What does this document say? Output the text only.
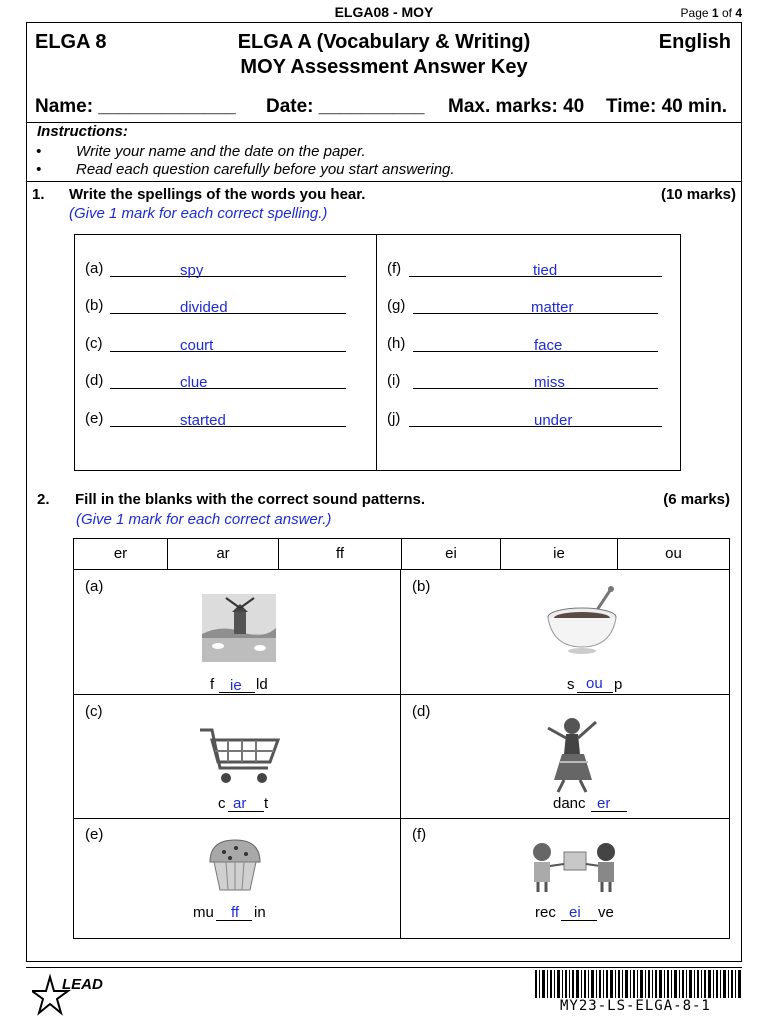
ELGA08 - MOY	Page 1 of 4
ELGA 8	ELGA A (Vocabulary & Writing)
MOY Assessment Answer Key
English
Name: _____________ Date: __________ Max. marks: 40 Time: 40 min.
Instructions:
• Write your name and the date on the paper.
• Read each question carefully before you start answering.
1. Write the spellings of the words you hear.	(10 marks)
(Give 1 mark for each correct spelling.)
(a)	spy
(b)	divided
(c)	court
(d)	clue
(e)	started
(f)	tied
(g)	matter
(h)	face
(i)	miss
(j)	under
2. Fill in the blanks with the correct sound patterns.	(6 marks)
(Give 1 mark for each correct answer.)
er	ar	ff	ei	ie	ou
(a)
f ie ld
(b)
s ou p
(c)
c ar t
(d)
danc er
(e)
mu ff in
(f)
rec ei ve
LEAD
MY23-LS-ELGA-8-1
